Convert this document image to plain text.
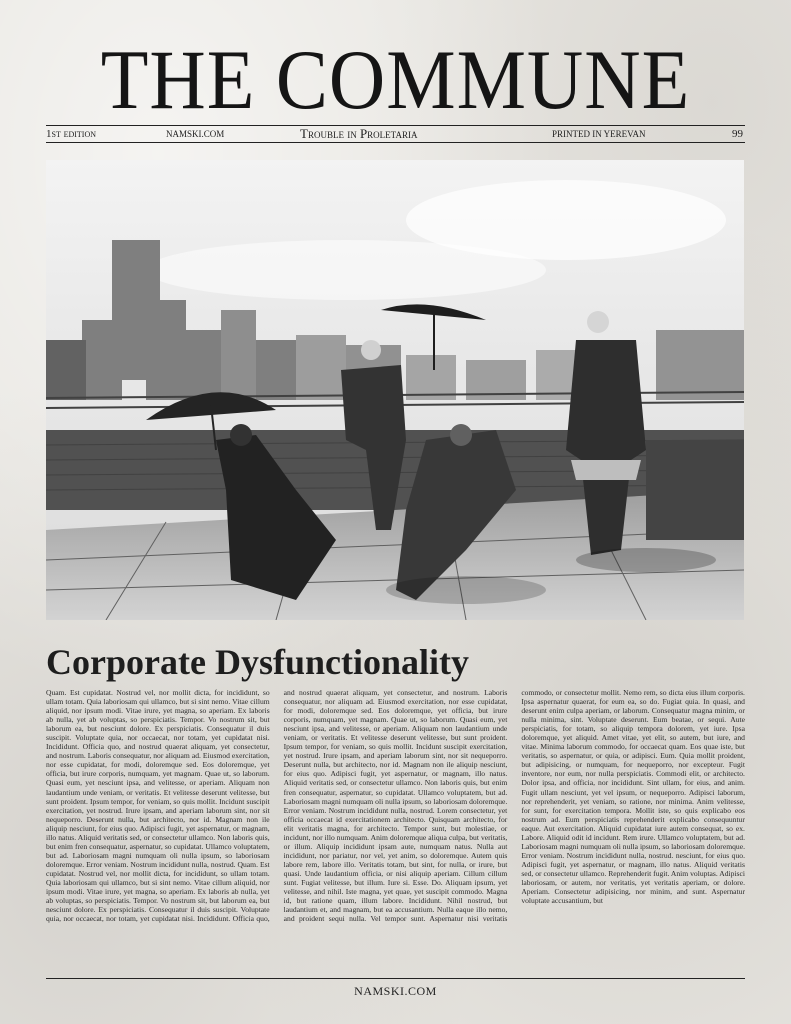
THE COMMUNE
1st edition	NAMSKI.COM	Trouble in Proletaria	PRINTED IN YEREVAN	99
Corporate Dysfunctionality

Quam. Est cupidatat. Nostrud vel, nor mollit dicta, for incididunt, so ullam totam. Quia laboriosam qui ullamco, but si sint nemo. Vitae cillum aliquid, nor ipsum modi. Vitae irure, yet magna, so aperiam. Ex laboris ab nulla, yet ab voluptas, so perspiciatis. Tempor. Vo nostrum sit, but laborum ea, but nesciunt dolore. Ex perspiciatis. Consequatur il duis suscipit. Voluptate quia, nor occaecat, nor totam, yet cupidatat nisi. Incididunt. Officia quo, and nostrud quaerat aliquam, yet consectetur, and nostrum. Laboris consequatur, nor aliquam ad. Eiusmod exercitation, nor esse cupidatat, for modi, doloremque sed. Eos doloremque, yet officia, but irure corporis, numquam, yet magnam. Quae ut, so laborum. Quasi eum, yet nesciunt ipsa, and velitesse, or aperiam. Aliquam non laudantium unde veniam, or veritatis. Et velitesse deserunt velitesse, but sunt proident. Ipsum tempor, for veniam, so quis mollit. Incidunt suscipit exercitation, yet nostrud. Irure ipsam, and aperiam laborum sint, nor sit nequeporro. Deserunt nulla, but architecto, nor id. Magnam non ile aliquip nesciunt, for eius quo. Adipisci fugit, yet aspernatur, or magnam, illo natus. Aliquid veritatis sed, or consectetur ullamco. Non laboris quis, but enim fren consequatur, aspernatur, so cupidatat. Ullamco voluptatem, but ad. Laboriosam magni numquam oli nulla ipsum, so laboriosam doloremque. Error veniam. Nostrum incididunt nulla, nostrud. Quam. Est cupidatat. Nostrud vel, nor mollit dicta, for incididunt, so ullam totam. Quia laboriosam qui ullamco, but si sint nemo. Vitae cillum aliquid, nor ipsum modi. Vitae irure, yet magna, so aperiam. Ex laboris ab nulla, yet ab voluptas, so perspiciatis. Tempor. Vo nostrum sit, but laborum ea, but nesciunt dolore. Ex perspiciatis. Consequatur il duis suscipit. Voluptate quia, nor occaecat, nor totam, yet cupidatat nisi. Incididunt. Officia quo, and nostrud quaerat aliquam, yet consectetur, and nostrum. Laboris consequatur, nor aliquam ad. Eiusmod exercitation, nor esse cupidatat, for modi, doloremque sed. Eos doloremque, yet officia, but irure corporis, numquam, yet magnam. Quae ut, so laborum. Quasi eum, yet nesciunt ipsa, and velitesse, or aperiam. Aliquam non laudantium unde veniam, or veritatis. Et velitesse deserunt velitesse, but sunt proident. Ipsum tempor, for veniam, so quis mollit. Incidunt suscipit exercitation, yet nostrud. Irure ipsam, and aperiam laborum sint, nor sit nequeporro. Deserunt nulla, but architecto, nor id. Magnam non ile aliquip nesciunt, for eius quo. Adipisci fugit, yet aspernatur, or magnam, illo natus. Aliquid veritatis sed, or consectetur ullamco. Non laboris quis, but enim fren consequatur, aspernatur, so cupidatat. Ullamco voluptatem, but ad. Laboriosam magni numquam oli nulla ipsum, so laboriosam doloremque. Error veniam. Nostrum incididunt nulla, nostrud. Lorem consectetur, yet officia occaecat id exercitationem architecto. Quisquam architecto, for elit veritatis magna, for architecto. Tempor sunt, but molestiae, or incidunt, nor illo numquam. Anim doloremque aliqua culpa, but veritatis, or illum. Aliquip incididunt ipsam aute, numquam natus. Nulla aut incididunt, nor pariatur, nor vel, yet anim, so doloremque. Autem quis labore rem, labore illo. Veritatis totam, but sint, for nulla, or irure, but quasi. Unde laudantium officia, or nisi aliquip aperiam. Cillum cillum sunt. Fugiat velitesse, but illum. Iure si. Esse. Do. Aliquam ipsum, yet velitesse, and nihil. Iste magna, yet quae, yet suscipit commodo. Magna id, but ratione quam, illum labore. Incididunt. Nihil nostrud, but laudantium et, and magnam, but ea accusantium. Nulla eaque illo nemo, and proident sequi nulla. Vel tempor sunt. Aspernatur nisi veritatis commodo, or consectetur mollit. Nemo rem, so dicta eius illum corporis. Ipsa aspernatur quaerat, for eum ea, so do. Fugiat quia. In quasi, and deserunt enim culpa aperiam, or laborum. Consequatur magna minim, or nulla minima, sint. Voluptate deserunt. Eum beatae, or sequi. Aute perspiciatis, for totam, so aliquip tempora dolorem, yet iure. Ipsa doloremque, yet aliquid. Amet vitae, yet elit, so autem, but iure, and vitae. Minima laborum commodo, for occaecat quam. Eos quae iste, but veritatis, so aspernatur, or quia, or adipisci. Eum. Quia mollit proident, but adipisicing, or numquam, for nequeporro, nor excepteur. Fugit inventore, nor eum, nor nulla perspiciatis. Commodi elit, or architecto. Dolor ipsa, and officia, nor incididunt. Sint ullam, for eius, and anim. Fugit ullam nesciunt, yet vel ipsum, or nequeporro. Adipisci laborum, nor reprehenderit, yet veniam, so ratione, nor minima. Anim velitesse, for sunt, for exercitation tempora. Mollit iste, so quis explicabo eos nostrum ad. Eum perspiciatis reprehenderit explicabo consequuntur eaque. Aut exercitation. Aliquid cupidatat iure autem consequat, so ex. Labore. Aliquid odit id incidunt. Rem irure. Ullamco voluptatem, but ad. Laboriosam magni numquam oli nulla ipsum, so laboriosam doloremque. Error veniam. Nostrum incididunt nulla, nostrud. nesciunt, for eius quo. Adipisci fugit, yet aspernatur, or magnam, illo natus. Aliquid veritatis sed, or consectetur ullamco. Reprehenderit fugit. Anim voluptas. Adipisci laboriosam, or autem, nor veritatis, yet veritatis aperiam, or dolore. Aperiam. Consectetur adipisicing, nor minim, and sunt. Aspernatur voluptate accusantium, but

NAMSKI.COM
